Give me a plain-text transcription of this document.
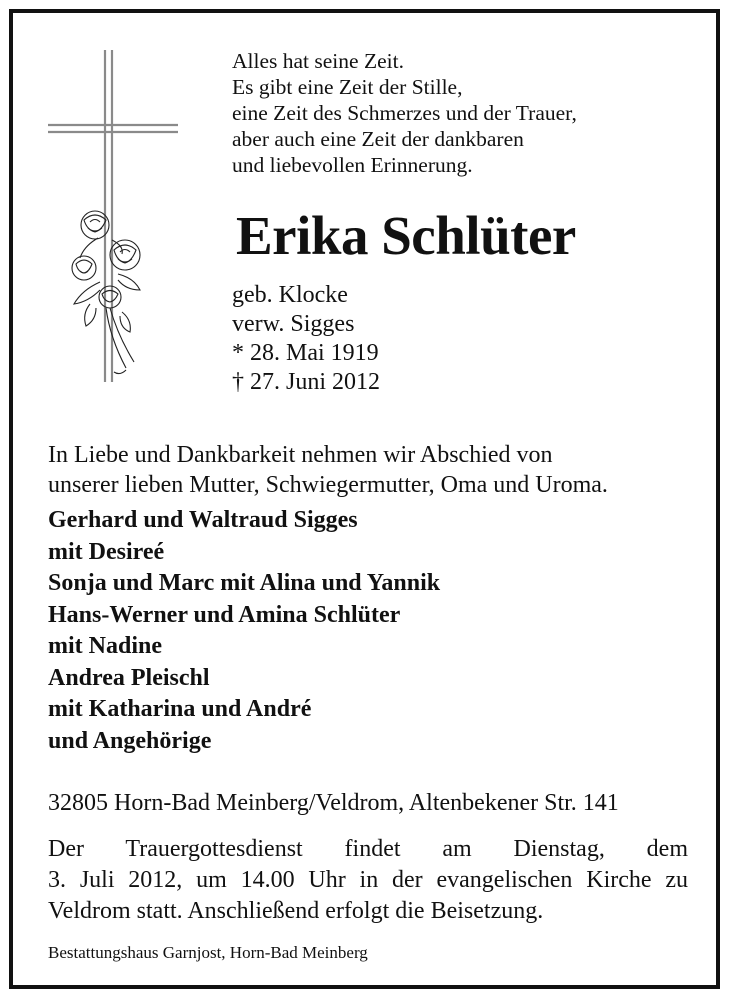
Alles hat seine Zeit.
Es gibt eine Zeit der Stille,
eine Zeit des Schmerzes und der Trauer,
aber auch eine Zeit der dankbaren
und liebevollen Erinnerung.
Erika Schlüter
geb. Klocke
verw. Sigges
* 28. Mai 1919
† 27. Juni 2012
In Liebe und Dankbarkeit nehmen wir Abschied von
unserer lieben Mutter, Schwiegermutter, Oma und Uroma.
Gerhard und Waltraud Sigges
mit Desireé
Sonja und Marc mit Alina und Yannik
Hans-Werner und Amina Schlüter
mit Nadine
Andrea Pleischl
mit Katharina und André
und Angehörige
32805 Horn-Bad Meinberg/Veldrom, Altenbekener Str. 141
Der Trauergottesdienst findet am Dienstag, dem
3. Juli 2012, um 14.00 Uhr in der evangelischen Kirche zu
Veldrom statt. Anschließend erfolgt die Beisetzung.
Bestattungshaus Garnjost, Horn-Bad Meinberg
